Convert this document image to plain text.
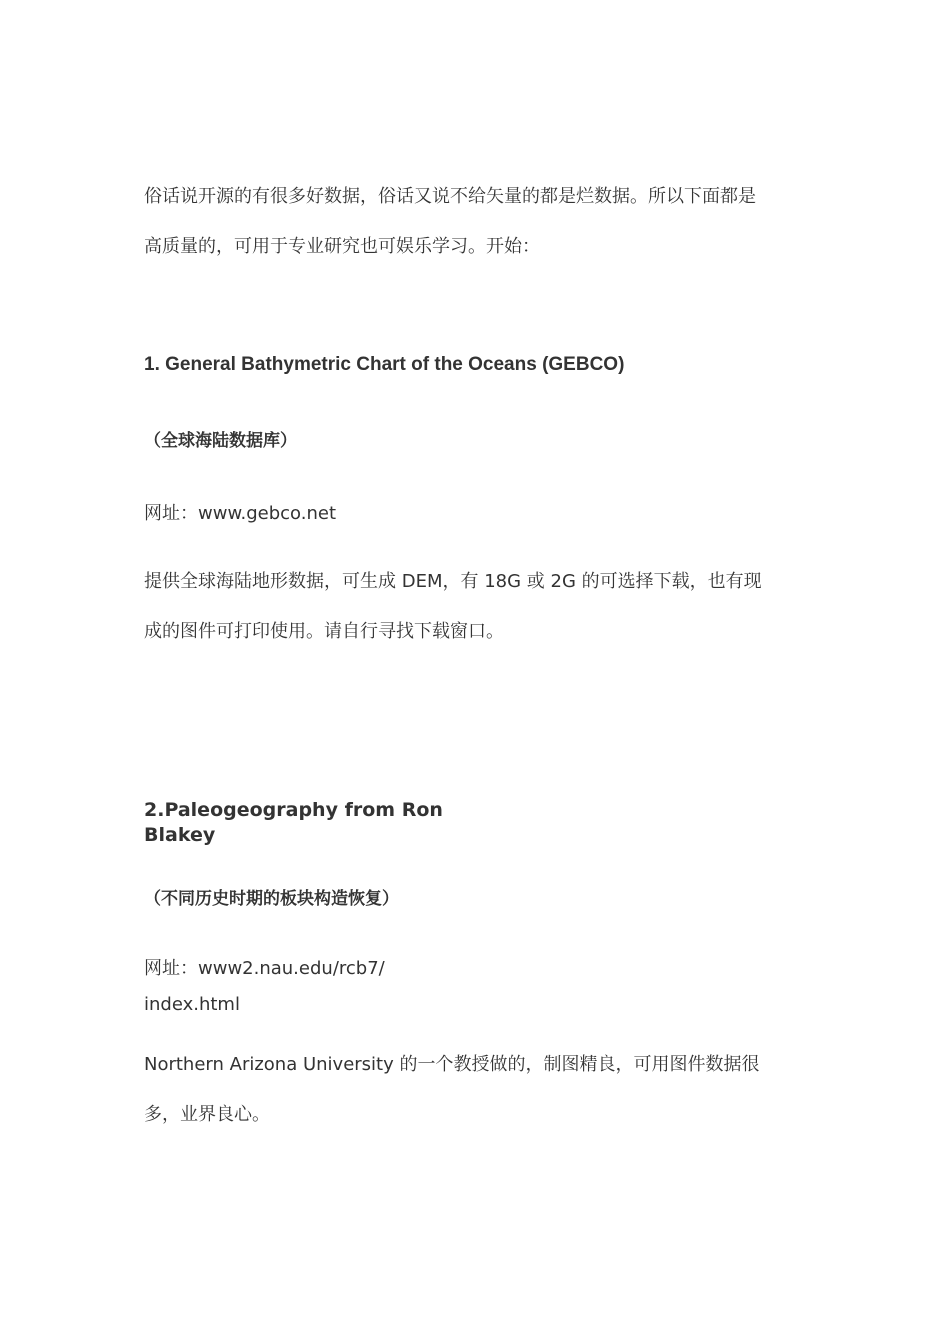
俗话说开源的有很多好数据，俗话又说不给矢量的都是烂数据。所以下面都是

高质量的，可用于专业研究也可娱乐学习。开始：

1. General Bathymetric Chart of the Oceans (GEBCO)

（全球海陆数据库）

网址：www.gebco.net

提供全球海陆地形数据，可生成 DEM，有 18G 或 2G 的可选择下载，也有现

成的图件可打印使用。请自行寻找下载窗口。

2.Paleogeography from Ron Blakey

（不同历史时期的板块构造恢复）

网址：www2.nau.edu/rcb7/ index.html

Northern Arizona University 的一个教授做的，制图精良，可用图件数据很

多，业界良心。
